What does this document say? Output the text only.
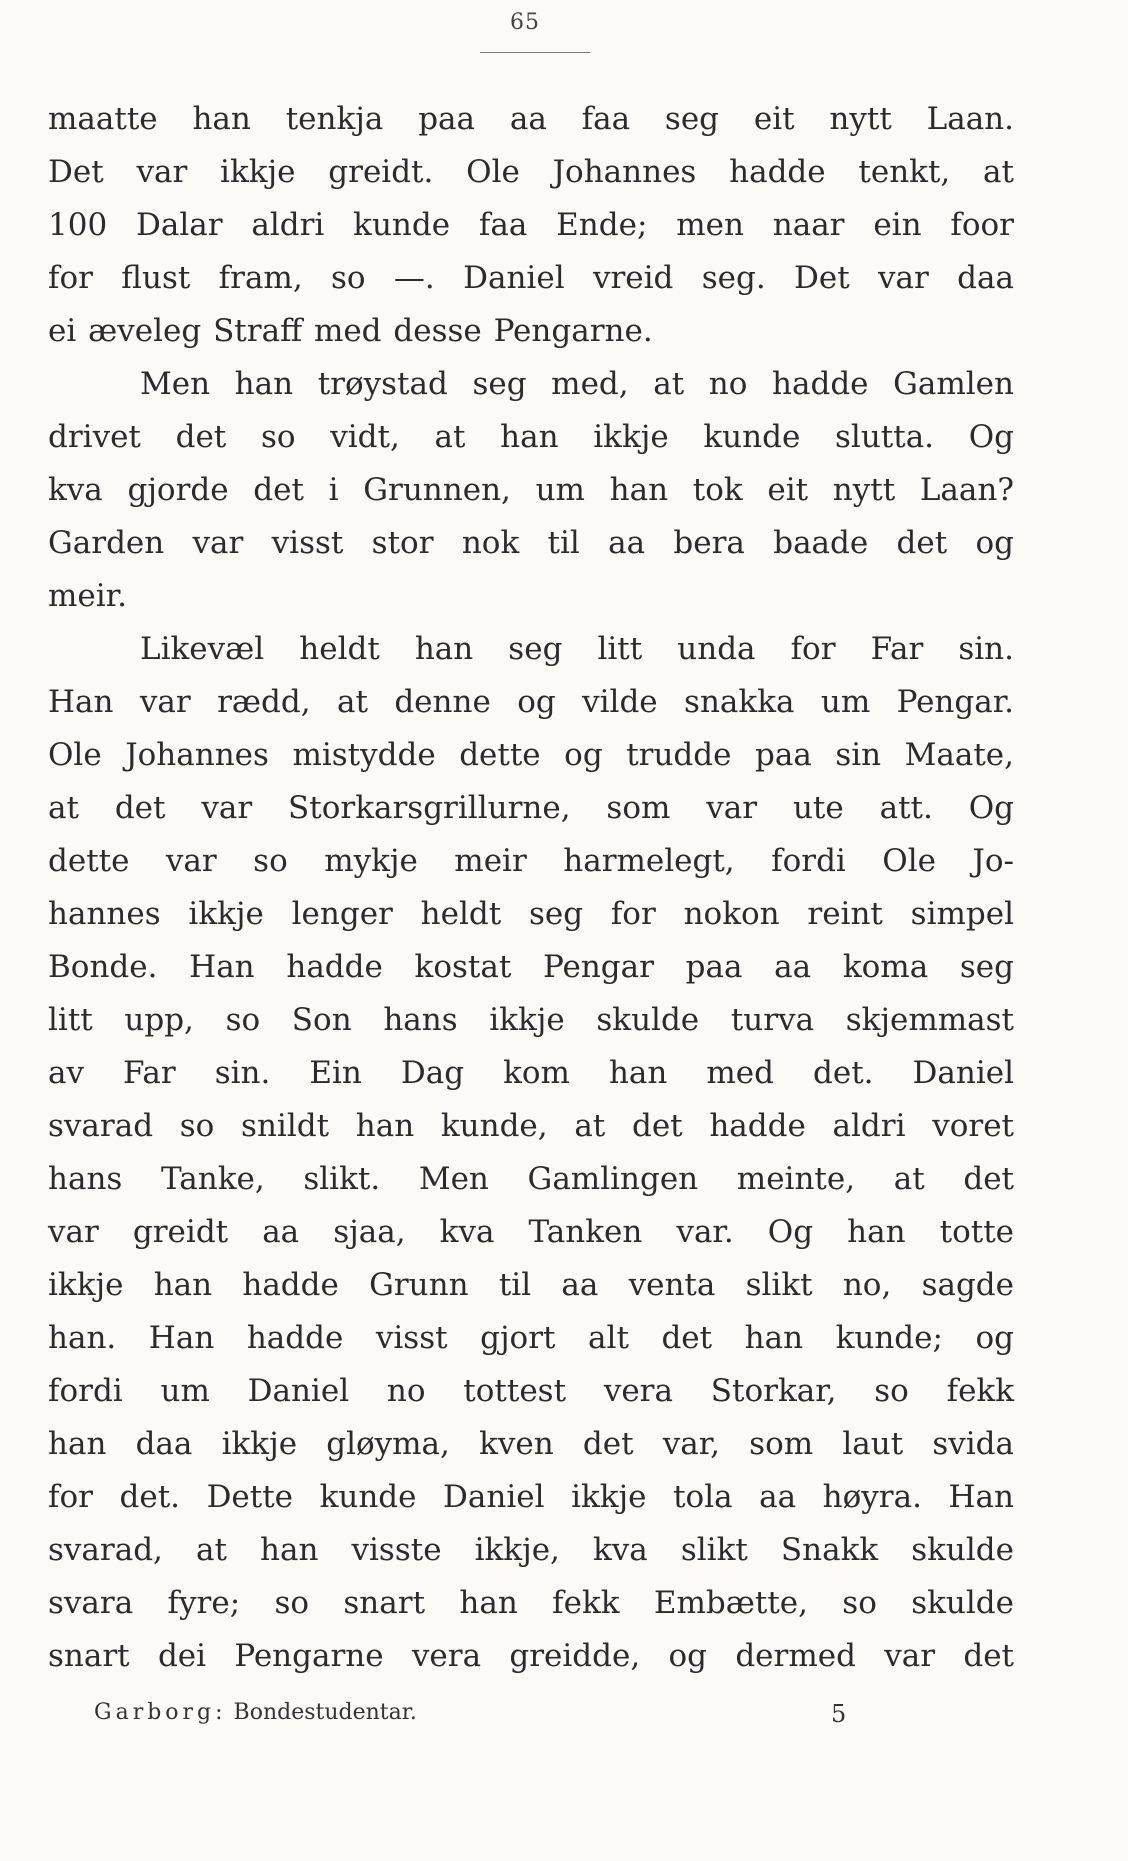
65
maatte han tenkja paa aa faa seg eit nytt Laan.
Det var ikkje greidt. Ole Johannes hadde tenkt, at
100 Dalar aldri kunde faa Ende; men naar ein foor
for flust fram, so —. Daniel vreid seg. Det var daa
ei æveleg Straff med desse Pengarne.
Men han trøystad seg med, at no hadde Gamlen
drivet det so vidt, at han ikkje kunde slutta. Og
kva gjorde det i Grunnen, um han tok eit nytt Laan?
Garden var visst stor nok til aa bera baade det og
meir.
Likevæl heldt han seg litt unda for Far sin.
Han var rædd, at denne og vilde snakka um Pengar.
Ole Johannes mistydde dette og trudde paa sin Maate,
at det var Storkarsgrillurne, som var ute att. Og
dette var so mykje meir harmelegt, fordi Ole Jo-
hannes ikkje lenger heldt seg for nokon reint simpel
Bonde. Han hadde kostat Pengar paa aa koma seg
litt upp, so Son hans ikkje skulde turva skjemmast
av Far sin. Ein Dag kom han med det. Daniel
svarad so snildt han kunde, at det hadde aldri voret
hans Tanke, slikt. Men Gamlingen meinte, at det
var greidt aa sjaa, kva Tanken var. Og han totte
ikkje han hadde Grunn til aa venta slikt no, sagde
han. Han hadde visst gjort alt det han kunde; og
fordi um Daniel no tottest vera Storkar, so fekk
han daa ikkje gløyma, kven det var, som laut svida
for det. Dette kunde Daniel ikkje tola aa høyra. Han
svarad, at han visste ikkje, kva slikt Snakk skulde
svara fyre; so snart han fekk Embætte, so skulde
snart dei Pengarne vera greidde, og dermed var det
Garborg: Bondestudentar.	5
